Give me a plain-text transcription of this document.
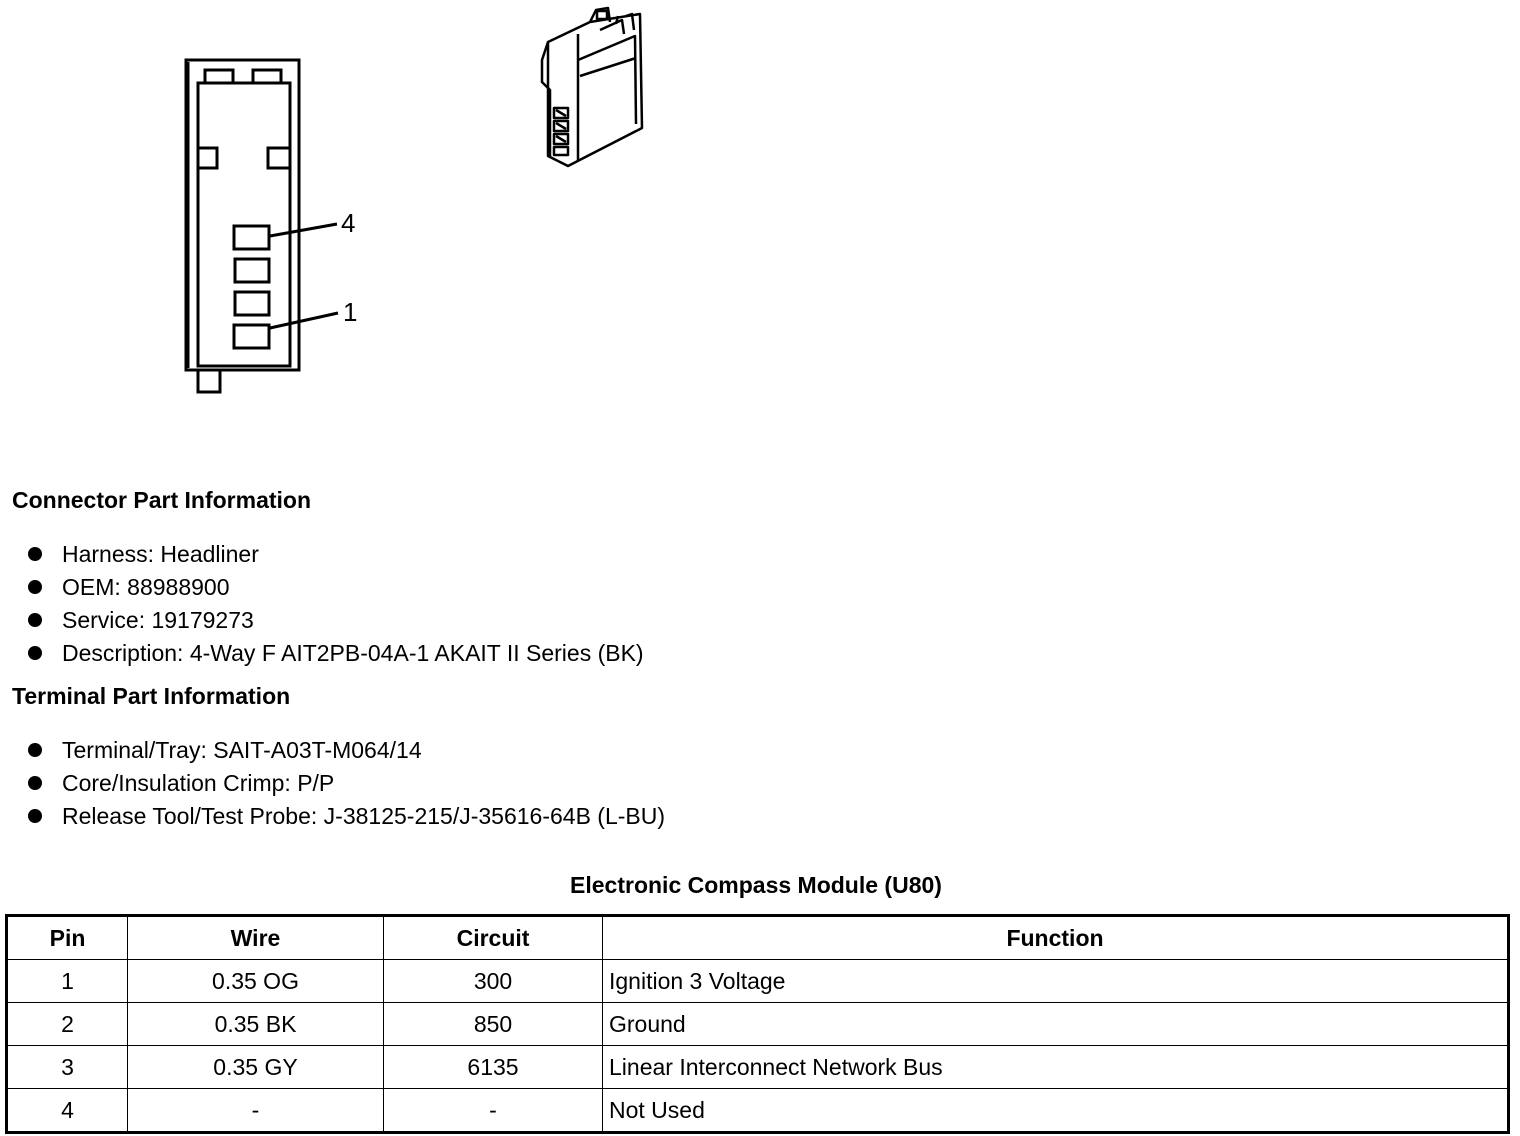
4
1
Connector Part Information
Harness: Headliner
OEM: 88988900
Service: 19179273
Description: 4-Way F AIT2PB-04A-1 AKAIT II Series (BK)
Terminal Part Information
Terminal/Tray: SAIT-A03T-M064/14
Core/Insulation Crimp: P/P
Release Tool/Test Probe: J-38125-215/J-35616-64B (L-BU)
Electronic Compass Module (U80)
Pin	Wire	Circuit	Function
1	0.35 OG	300	Ignition 3 Voltage
2	0.35 BK	850	Ground
3	0.35 GY	6135	Linear Interconnect Network Bus
4	-	-	Not Used
